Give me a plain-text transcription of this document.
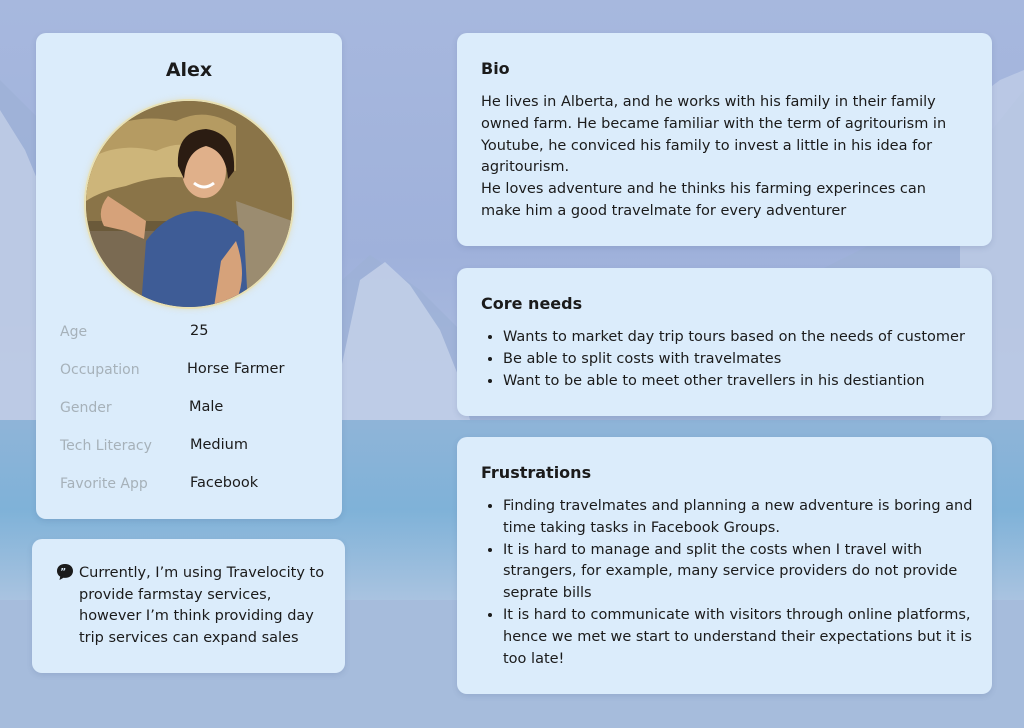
Alex
Age	25
Occupation	Horse Farmer
Gender	Male
Tech Literacy	Medium
Favorite App	Facebook
” Currently, I’m using Travelocity to provide farmstay services, however I’m think providing day trip services can expand sales
Bio

He lives in Alberta, and he works with his family in their family owned farm. He became familiar with the term of agritourism in Youtube, he conviced his family to invest a little in his idea for agritourism.

He loves adventure and he thinks his farming experinces can make him a good travelmate for every adventurer

Core needs
• Wants to market day trip tours based on the needs of customer
• Be able to split costs with travelmates
• Want to be able to meet other travellers in his destiantion
Frustrations
• Finding travelmates and planning a new adventure is boring and time taking tasks in Facebook Groups.
• It is hard to manage and split the costs when I travel with strangers, for example, many service providers do not provide seprate bills
• It is hard to communicate with visitors through online platforms, hence we met we start to understand their expectations but it is too late!
